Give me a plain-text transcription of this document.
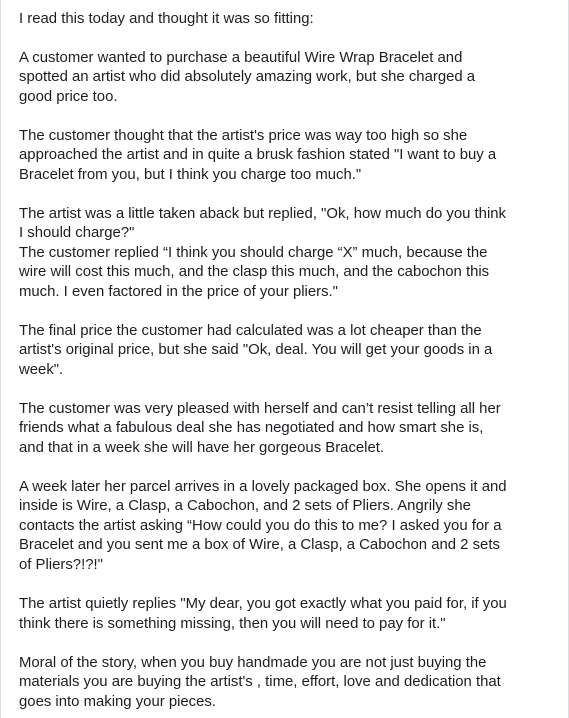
I read this today and thought it was so fitting:

A customer wanted to purchase a beautiful Wire Wrap Bracelet and
spotted an artist who did absolutely amazing work, but she charged a
good price too.

The customer thought that the artist's price was way too high so she
approached the artist and in quite a brusk fashion stated "I want to buy a
Bracelet from you, but I think you charge too much."

The artist was a little taken aback but replied, "Ok, how much do you think
I should charge?"
The customer replied “I think you should charge “X” much, because the
wire will cost this much, and the clasp this much, and the cabochon this
much. I even factored in the price of your pliers."

The final price the customer had calculated was a lot cheaper than the
artist's original price, but she said "Ok, deal. You will get your goods in a
week".

The customer was very pleased with herself and can’t resist telling all her
friends what a fabulous deal she has negotiated and how smart she is,
and that in a week she will have her gorgeous Bracelet.

A week later her parcel arrives in a lovely packaged box. She opens it and
inside is Wire, a Clasp, a Cabochon, and 2 sets of Pliers. Angrily she
contacts the artist asking “How could you do this to me? I asked you for a
Bracelet and you sent me a box of Wire, a Clasp, a Cabochon and 2 sets
of Pliers?!?!"

The artist quietly replies "My dear, you got exactly what you paid for, if you
think there is something missing, then you will need to pay for it."

Moral of the story, when you buy handmade you are not just buying the
materials you are buying the artist's , time, effort, love and dedication that
goes into making your pieces.
